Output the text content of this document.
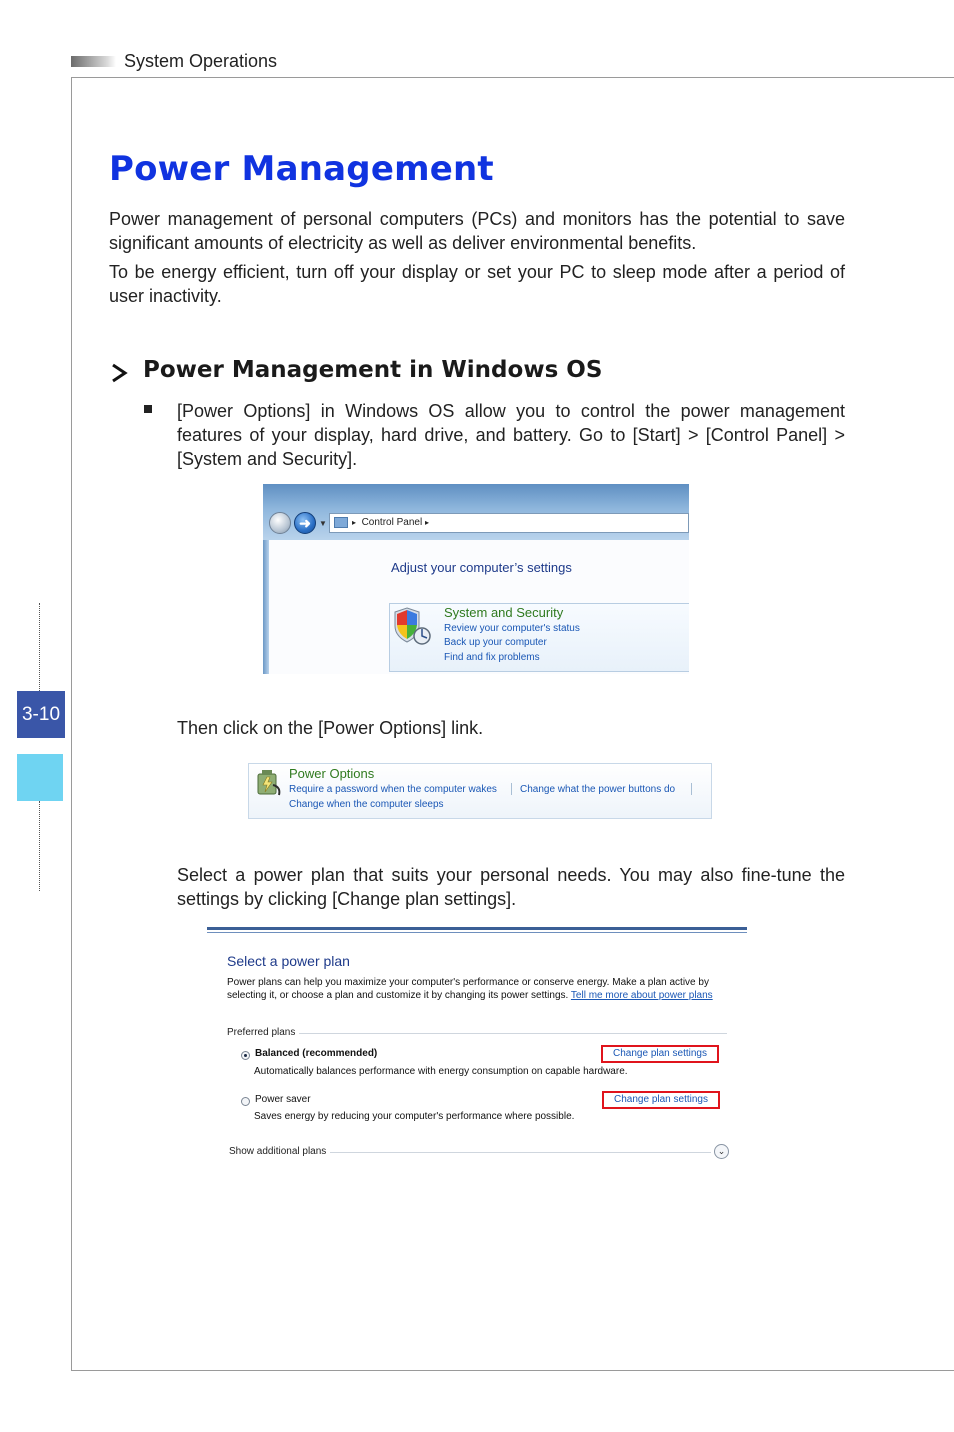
System Operations
3-10
Power Management

Power management of personal computers (PCs) and monitors has the potential to save significant amounts of electricity as well as deliver environmental benefits.

To be energy efficient, turn off your display or set your PC to sleep mode after a period of user inactivity.

Power Management in Windows OS

[Power Options] in Windows OS allow you to control the power management features of your display, hard drive, and battery. Go to [Start] > [Control Panel] > [System and Security].

➜	▼	▸ Control Panel ▸
Adjust your computer’s settings
System and Security
Review your computer's status
Back up your computer
Find and fix problems

Then click on the [Power Options] link.

Power Options
Require a password when the computer wakes Change what the power buttons do
Change when the computer sleeps

Select a power plan that suits your personal needs. You may also fine-tune the settings by clicking [Change plan settings].

Select a power plan
Power plans can help you maximize your computer's performance or conserve energy. Make a plan active by selecting it, or choose a plan and customize it by changing its power settings. Tell me more about power plans
Preferred plans
Balanced (recommended)	Change plan settings
Automatically balances performance with energy consumption on capable hardware.
Power saver	Change plan settings
Saves energy by reducing your computer's performance where possible.
Show additional plans	⌄
